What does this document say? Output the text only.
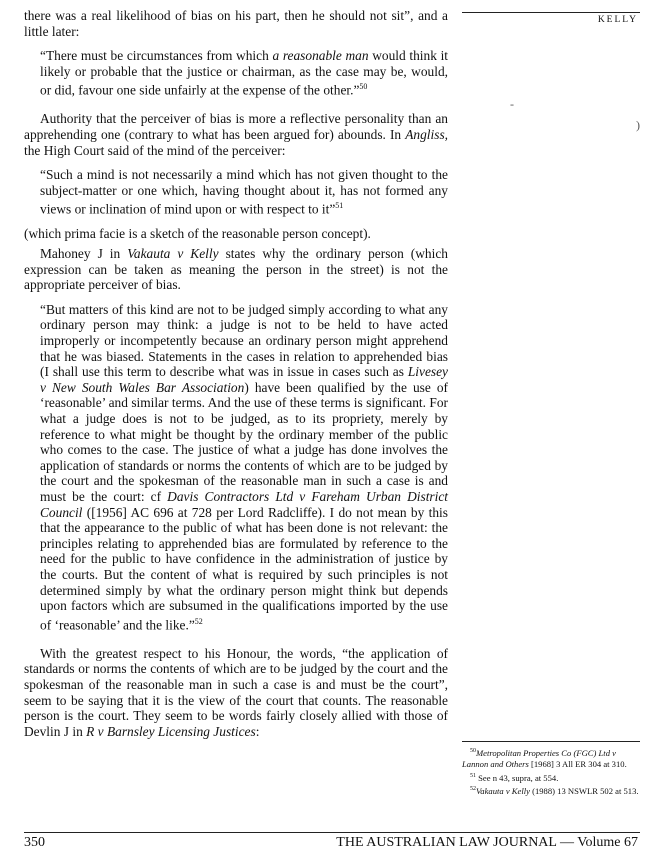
KELLY
-
)

there was a real likelihood of bias on his part, then he should not sit”, and a little later:

“There must be circumstances from which a reasonable man would think it likely or probable that the justice or chairman, as the case may be, would, or did, favour one side unfairly at the expense of the other.”$^{50}$

Authority that the perceiver of bias is more a reflective personality than an apprehending one (contrary to what has been argued for) abounds. In Angliss, the High Court said of the mind of the perceiver:

“Such a mind is not necessarily a mind which has not given thought to the subject-matter or one which, having thought about it, has not formed any views or inclination of mind upon or with respect to it”$^{51}$

(which prima facie is a sketch of the reasonable person concept).

Mahoney J in Vakauta v Kelly states why the ordinary person (which expression can be taken as meaning the person in the street) is not the appropriate perceiver of bias.

“But matters of this kind are not to be judged simply according to what any ordinary person may think: a judge is not to be held to have acted improperly or incompetently because an ordinary person might apprehend that he was biased. Statements in the cases in relation to apprehended bias (I shall use this term to describe what was in issue in cases such as Livesey v New South Wales Bar Association) have been qualified by the use of ‘reasonable’ and similar terms. And the use of these terms is significant. For what a judge does is not to be judged, as to its propriety, merely by reference to what might be thought by the ordinary member of the public who comes to the case. The justice of what a judge has done involves the application of standards or norms the contents of which are to be judged by the court and the spokesman of the reasonable man in such a case is and must be the court: cf Davis Contractors Ltd v Fareham Urban District Council ([1956] AC 696 at 728 per Lord Radcliffe). I do not mean by this that the appearance to the public of what has been done is not relevant: the principles relating to apprehended bias are formulated by reference to the need for the public to have confidence in the administration of justice by the courts. But the content of what is required by such principles is not determined simply by what the ordinary person might think but depends upon factors which are subsumed in the qualifications imported by the use of ‘reasonable’ and the like.”$^{52}$

With the greatest respect to his Honour, the words, “the application of standards or norms the contents of which are to be judged by the court and the spokesman of the reasonable man in such a case is and must be the court”, seem to be saying that it is the view of the court that counts. The reasonable person is the court. They seem to be words fairly closely allied with those of Devlin J in R v Barnsley Licensing Justices:

$^{50}$Metropolitan Properties Co (FGC) Ltd v Lannon and Others [1968] 3 All ER 304 at 310.

$^{51}$ See n 43, supra, at 554.

$^{52}$Vakauta v Kelly (1988) 13 NSWLR 502 at 513.

350	THE AUSTRALIAN LAW JOURNAL — Volume 67
